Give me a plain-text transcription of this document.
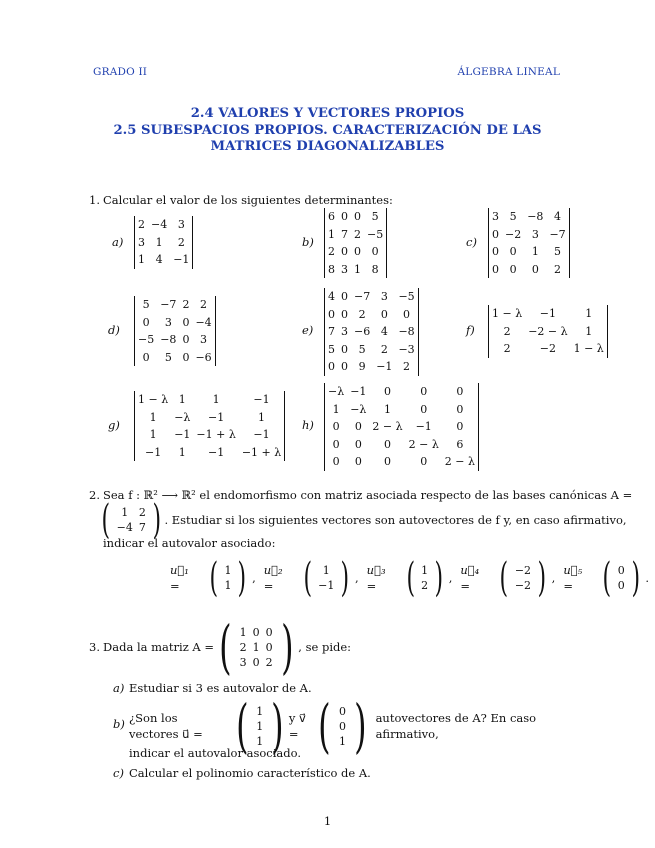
GRADO II	ÁLGEBRA LINEAL
2.4 VALORES Y VECTORES PROPIOS
2.5 SUBESPACIOS PROPIOS. CARACTERIZACIÓN DE LAS
MATRICES DIAGONALIZABLES
1. Calcular el valor de los siguientes determinantes:
a)
2	−4	3
3	1	2
1	4	−1
b)
6	0	0	5
1	7	2	−5
2	0	0	0
8	3	1	8
c)
3	5	−8	4
0	−2	3	−7
0	0	1	5
0	0	0	2
d)
5	−7	2	2
0	3	0	−4
−5	−8	0	3
0	5	0	−6
e)
4	0	−7	3	−5
0	0	2	0	0
7	3	−6	4	−8
5	0	5	2	−3
0	0	9	−1	2
f)
1 − λ	−1	1
2	−2 − λ	1
2	−2	1 − λ
g)
1 − λ	1	1	−1
1	−λ	−1	1
1	−1	−1 + λ	−1
−1	1	−1	−1 + λ
h)
−λ	−1	0	0	0
1	−λ	1	0	0
0	0	2 − λ	−1	0
0	0	0	2 − λ	6
0	0	0	0	2 − λ
2. Sea f : ℝ² ⟶ ℝ² el endomorfismo con matriz asociada respecto de las bases canónicas A =
( 1	2
−4	7 ) . Estudiar si los siguientes vectores son autovectores de f y, en caso afirmativo,
indicar el autovalor asociado:
u⃗₁ = ( 1
1 ) ,
u⃗₂ = ( 1
−1 ) ,
u⃗₃ = ( 1
2 ) ,
u⃗₄ = ( −2
−2 ) ,
u⃗₅ = ( 0
0 ) .
3. Dada la matriz A = ( 1	0	0
2	1	0
3	0	2 ) , se pide:
a) Estudiar si 3 es autovalor de A.
b) ¿Son los vectores u⃗ = ( 1
1
1 ) y v⃗ = ( 0
0
1 ) autovectores de A? En caso afirmativo,
indicar el autovalor asociado.
c) Calcular el polinomio característico de A.
1
